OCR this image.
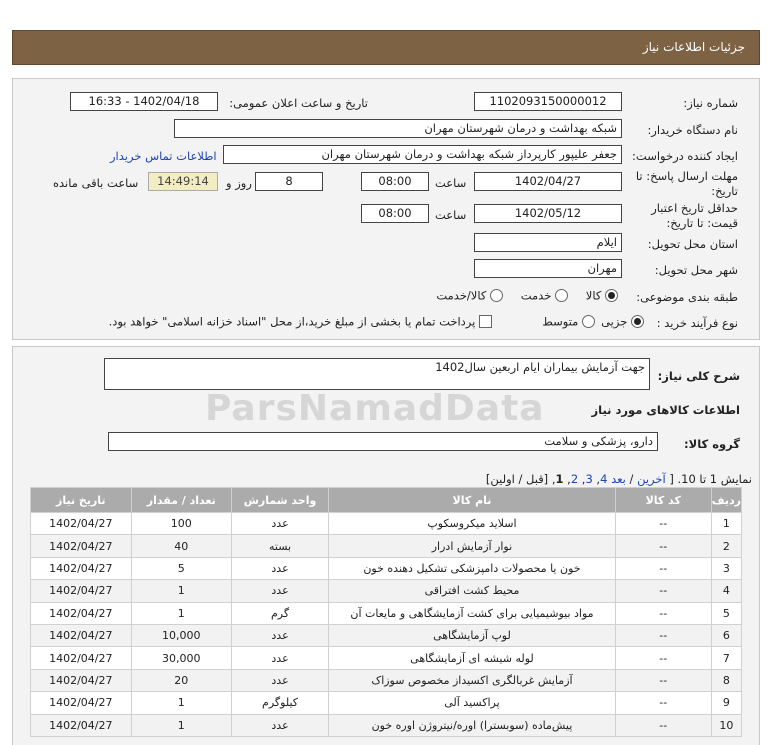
جزئیات اطلاعات نیاز
شماره نیاز:
1102093150000012
تاریخ و ساعت اعلان عمومی:
1402/04/18 - 16:33
نام دستگاه خریدار:
شبکه بهداشت و درمان شهرستان مهران
ایجاد کننده درخواست:
جعفر علیپور کارپرداز شبکه بهداشت و درمان شهرستان مهران
اطلاعات تماس خریدار
مهلت ارسال پاسخ: تا
تاریخ:
1402/04/27
ساعت
08:00
8
روز و
14:49:14
ساعت باقی مانده
حداقل تاریخ اعتبار
قیمت: تا تاریخ:
1402/05/12
ساعت
08:00
استان محل تحویل:
ایلام
شهر محل تحویل:
مهران
طبقه بندی موضوعی:
کالا
خدمت
کالا/خدمت
نوع فرآیند خرید :
جزیی
متوسط
پرداخت تمام یا بخشی از مبلغ خرید،از محل "اسناد خزانه اسلامی" خواهد بود.
شرح کلی نیاز:
جهت آزمایش بیماران ایام اربعین سال1402
ParsNamadData	اطلاعات کالاهای مورد نیاز
گروه کالا:
دارو، پزشکی و سلامت
نمایش 1 تا 10. [ آخرین / بعد 4, 3, 2, 1, [قبل / اولین]
ردیف	کد کالا	نام کالا	واحد شمارش	تعداد / مقدار	تاریخ نیاز
1	--	اسلاید میکروسکوپ	عدد	100	1402/04/27
2	--	نوار آزمایش ادرار	بسته	40	1402/04/27
3	--	خون یا محصولات دامپزشکی تشکیل دهنده خون	عدد	5	1402/04/27
4	--	محیط کشت افتراقی	عدد	1	1402/04/27
5	--	مواد بیوشیمیایی برای کشت آزمایشگاهی و مایعات آن	گرم	1	1402/04/27
6	--	لوپ آزمایشگاهی	عدد	10,000	1402/04/27
7	--	لوله شیشه ای آزمایشگاهی	عدد	30,000	1402/04/27
8	--	آزمایش غربالگری اکسیداز مخصوص سوزاک	عدد	20	1402/04/27
9	--	پراکسید آلی	کیلوگرم	1	1402/04/27
10	--	پیش‌ماده (سوبسترا) اوره/نیتروژن اوره خون	عدد	1	1402/04/27
